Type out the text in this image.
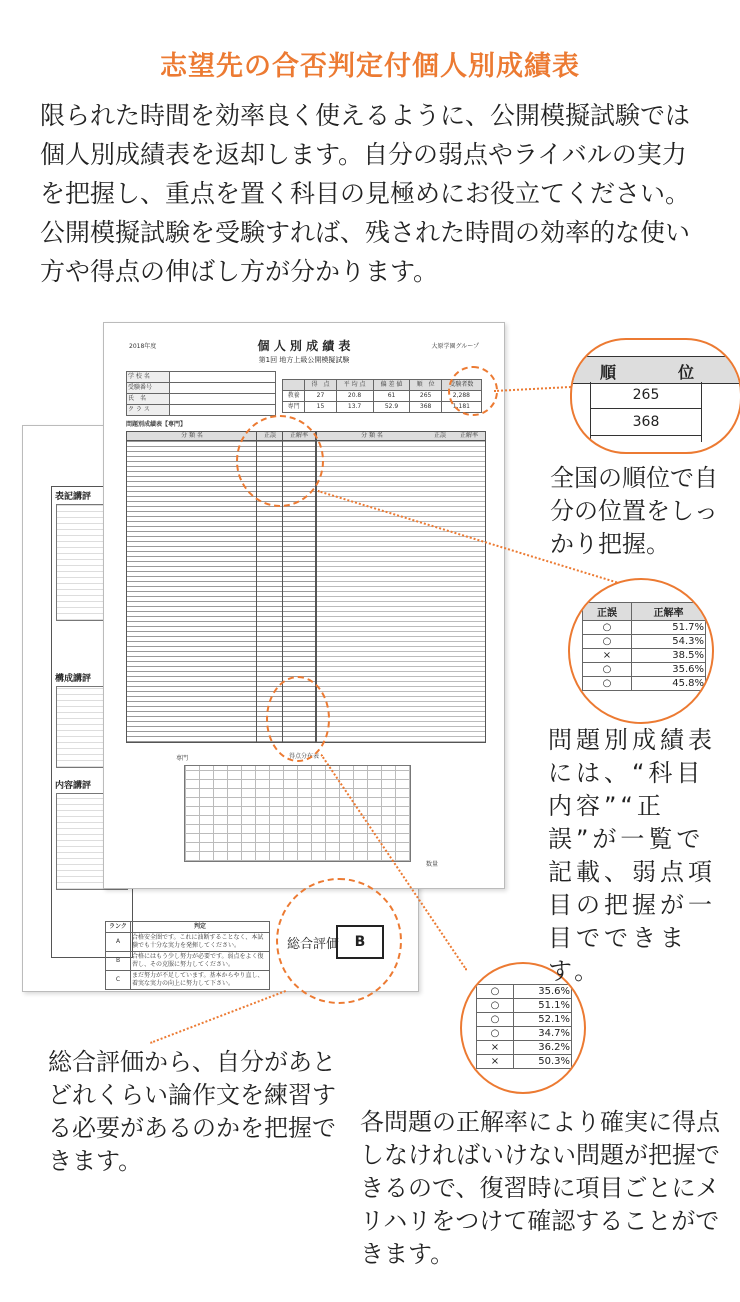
志望先の合否判定付個人別成績表
限られた時間を効率良く使えるように、公開模擬試験では個人別成績表を返却します。自分の弱点やライバルの実力を把握し、重点を置く科目の見極めにお役立てください。公開模擬試験を受験すれば、残された時間の効率的な使い方や得点の伸ばし方が分かります。
表記講評
構成講評
内容講評
ランク	判定
A	合格安全圏です。これに油断することなく、本試験でも十分な実力を発揮してください。
B	合格にはもう少し努力が必要です。弱点をよく復習し、その克服に努力してください。
C	まだ努力が不足しています。基本からやり直し、着実な実力の向上に努力して下さい。
2018年度	大原学園グループ
個 人 別 成 績 表
第1回 地方上級公開模擬試験
学 校 名	
受験番号	
氏　名	
ク ラ ス	
	得　点	平 均 点	偏 差 値	順　位	受験者数
教養	27	20.8	61	265	2,288
専門	15	13.7	52.9	368	1,181
問題別成績表【専門】
分 類 名	正誤	正解率	分 類 名	正誤	正解率
得点分布表
専門
数量
総合評価	B
順	位
265
368
正誤	正解率
○	51.7%
○	54.3%
×	38.5%
○	35.6%
○	45.8%
○	35.6%
○	51.1%
○	52.1%
○	34.7%
×	36.2%
×	50.3%
全国の順位で自分の位置をしっかり把握。
問題別成績表には、“科目内容”“正誤”が一覧で記載、弱点項目の把握が一目でできます。
総合評価から、自分があとどれくらい論作文を練習する必要があるのかを把握できます。
各問題の正解率により確実に得点しなければいけない問題が把握できるので、復習時に項目ごとにメリハリをつけて確認することができます。
